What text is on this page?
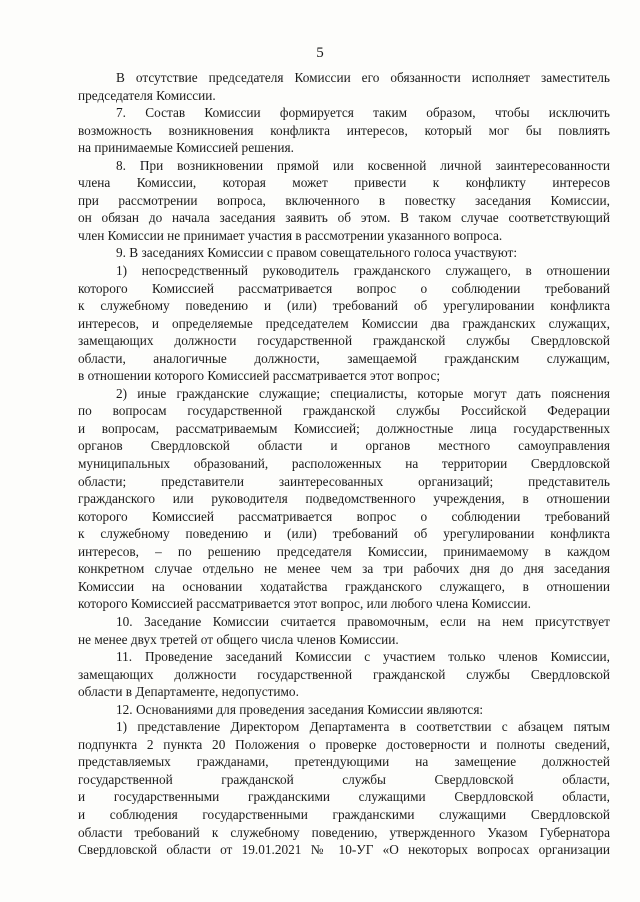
5
В отсутствие председателя Комиссии его обязанности исполняет заместитель
председателя Комиссии.
7. Состав Комиссии формируется таким образом, чтобы исключить
возможность возникновения конфликта интересов, который мог бы повлиять
на принимаемые Комиссией решения.
8. При возникновении прямой или косвенной личной заинтересованности
члена Комиссии, которая может привести к конфликту интересов
при рассмотрении вопроса, включенного в повестку заседания Комиссии,
он обязан до начала заседания заявить об этом. В таком случае соответствующий
член Комиссии не принимает участия в рассмотрении указанного вопроса.
9. В заседаниях Комиссии с правом совещательного голоса участвуют:
1) непосредственный руководитель гражданского служащего, в отношении
которого Комиссией рассматривается вопрос о соблюдении требований
к служебному поведению и (или) требований об урегулировании конфликта
интересов, и определяемые председателем Комиссии два гражданских служащих,
замещающих должности государственной гражданской службы Свердловской
области, аналогичные должности, замещаемой гражданским служащим,
в отношении которого Комиссией рассматривается этот вопрос;
2) иные гражданские служащие; специалисты, которые могут дать пояснения
по вопросам государственной гражданской службы Российской Федерации
и вопросам, рассматриваемым Комиссией; должностные лица государственных
органов Свердловской области и органов местного самоуправления
муниципальных образований, расположенных на территории Свердловской
области; представители заинтересованных организаций; представитель
гражданского или руководителя подведомственного учреждения, в отношении
которого Комиссией рассматривается вопрос о соблюдении требований
к служебному поведению и (или) требований об урегулировании конфликта
интересов, – по решению председателя Комиссии, принимаемому в каждом
конкретном случае отдельно не менее чем за три рабочих дня до дня заседания
Комиссии на основании ходатайства гражданского служащего, в отношении
которого Комиссией рассматривается этот вопрос, или любого члена Комиссии.
10. Заседание Комиссии считается правомочным, если на нем присутствует
не менее двух третей от общего числа членов Комиссии.
11. Проведение заседаний Комиссии с участием только членов Комиссии,
замещающих должности государственной гражданской службы Свердловской
области в Департаменте, недопустимо.
12. Основаниями для проведения заседания Комиссии являются:
1) представление Директором Департамента в соответствии с абзацем пятым
подпункта 2 пункта 20 Положения о проверке достоверности и полноты сведений,
представляемых гражданами, претендующими на замещение должностей
государственной гражданской службы Свердловской области,
и государственными гражданскими служащими Свердловской области,
и соблюдения государственными гражданскими служащими Свердловской
области требований к служебному поведению, утвержденного Указом Губернатора
Свердловской области от 19.01.2021 № 10-УГ «О некоторых вопросах организации
